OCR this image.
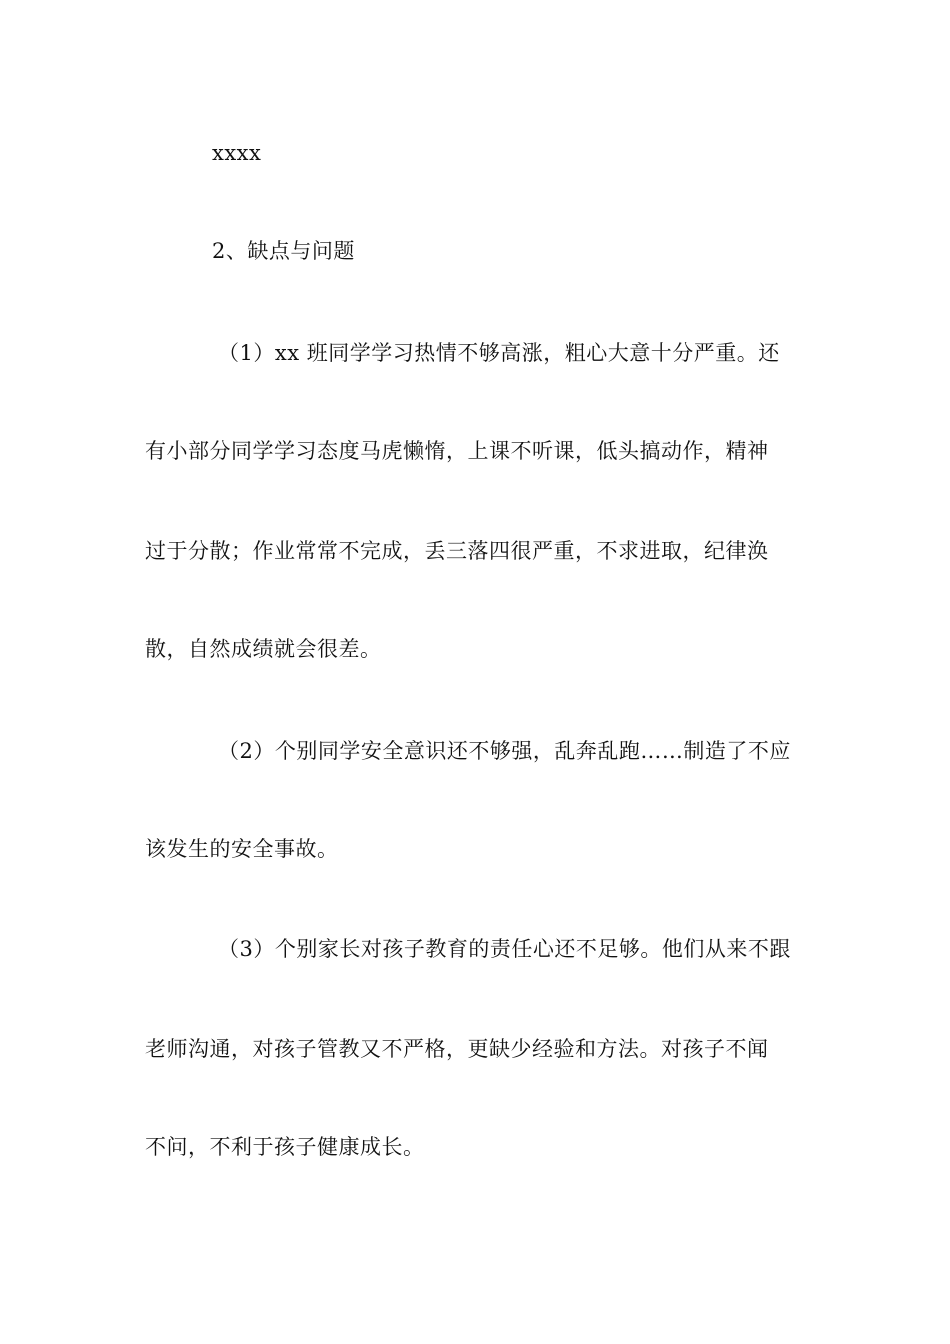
xxxx
2、缺点与问题
（1）xx 班同学学习热情不够高涨，粗心大意十分严重。还
有小部分同学学习态度马虎懒惰，上课不听课，低头搞动作，精神
过于分散；作业常常不完成，丢三落四很严重，不求进取，纪律涣
散，自然成绩就会很差。
（2）个别同学安全意识还不够强，乱奔乱跑……制造了不应
该发生的安全事故。
（3）个别家长对孩子教育的责任心还不足够。他们从来不跟
老师沟通，对孩子管教又不严格，更缺少经验和方法。对孩子不闻
不问，不利于孩子健康成长。
